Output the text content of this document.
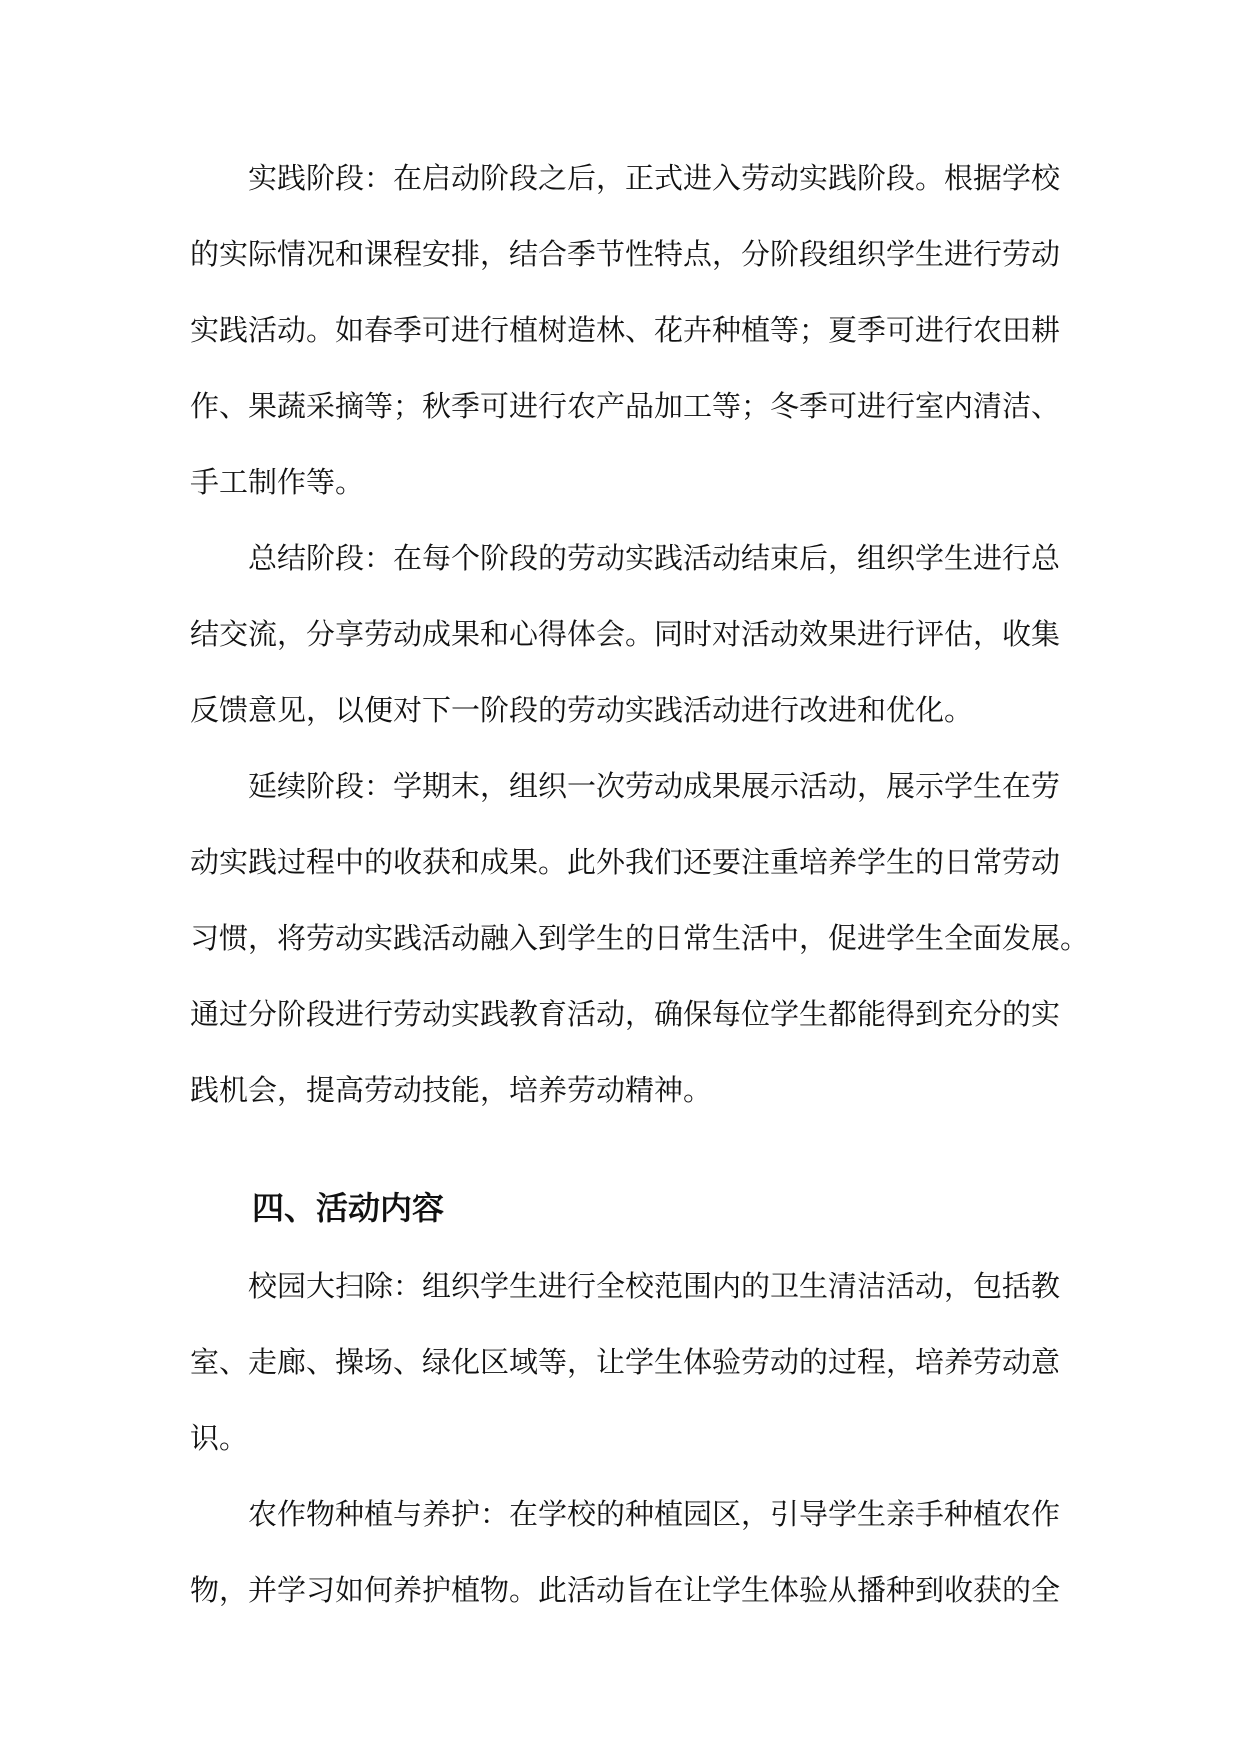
实践阶段：在启动阶段之后，正式进入劳动实践阶段。根据学校
的实际情况和课程安排，结合季节性特点，分阶段组织学生进行劳动
实践活动。如春季可进行植树造林、花卉种植等；夏季可进行农田耕
作、果蔬采摘等；秋季可进行农产品加工等；冬季可进行室内清洁、
手工制作等。
总结阶段：在每个阶段的劳动实践活动结束后，组织学生进行总
结交流，分享劳动成果和心得体会。同时对活动效果进行评估，收集
反馈意见，以便对下一阶段的劳动实践活动进行改进和优化。
延续阶段：学期末，组织一次劳动成果展示活动，展示学生在劳
动实践过程中的收获和成果。此外我们还要注重培养学生的日常劳动
习惯，将劳动实践活动融入到学生的日常生活中，促进学生全面发展。
通过分阶段进行劳动实践教育活动，确保每位学生都能得到充分的实
践机会，提高劳动技能，培养劳动精神。
四、活动内容
校园大扫除：组织学生进行全校范围内的卫生清洁活动，包括教
室、走廊、操场、绿化区域等，让学生体验劳动的过程，培养劳动意
识。
农作物种植与养护：在学校的种植园区，引导学生亲手种植农作
物，并学习如何养护植物。此活动旨在让学生体验从播种到收获的全
